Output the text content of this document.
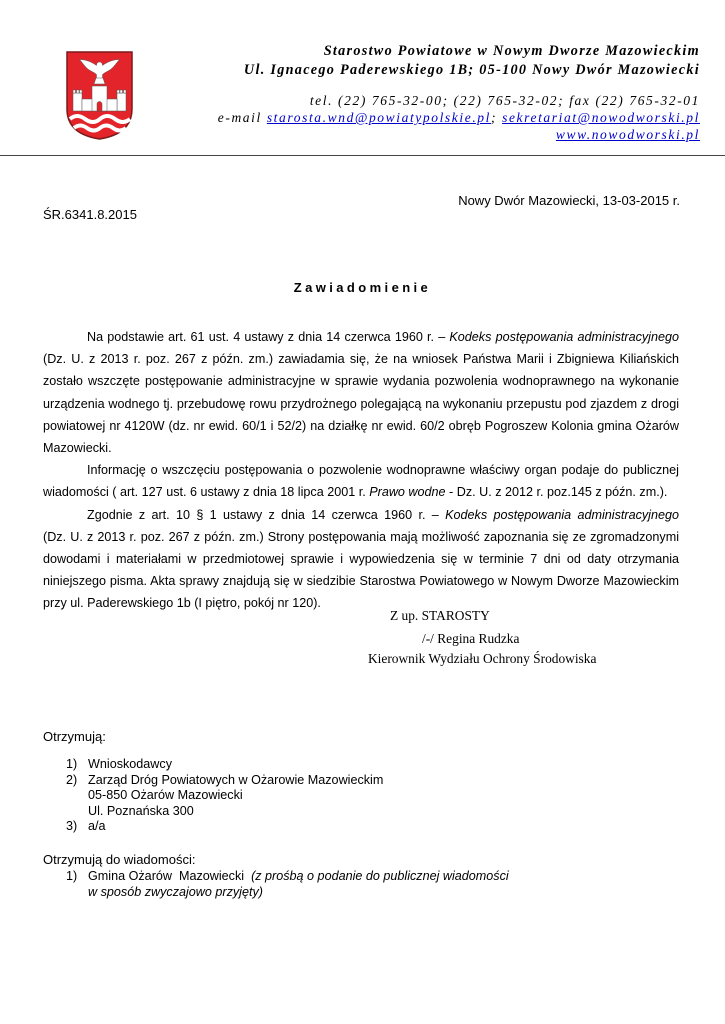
Starostwo Powiatowe w Nowym Dworze Mazowieckim
Ul. Ignacego Paderewskiego 1B; 05-100 Nowy Dwór Mazowiecki
tel. (22) 765-32-00; (22) 765-32-02; fax (22) 765-32-01
e-mail starosta.wnd@powiatypolskie.pl; sekretariat@nowodworski.pl
www.nowodworski.pl
Nowy Dwór Mazowiecki, 13-03-2015 r.
ŚR.6341.8.2015
Zawiadomienie

Na podstawie art. 61 ust. 4 ustawy z dnia 14 czerwca 1960 r. – Kodeks postępowania administracyjnego (Dz. U. z 2013 r. poz. 267 z późn. zm.) zawiadamia się, że na wniosek Państwa Marii i Zbigniewa Kiliańskich zostało wszczęte postępowanie administracyjne w sprawie wydania pozwolenia wodnoprawnego na wykonanie urządzenia wodnego tj. przebudowę rowu przydrożnego polegającą na wykonaniu przepustu pod zjazdem z drogi powiatowej nr 4120W (dz. nr ewid. 60/1 i 52/2) na działkę nr ewid. 60/2 obręb Pogroszew Kolonia gmina Ożarów Mazowiecki.

Informację o wszczęciu postępowania o pozwolenie wodnoprawne właściwy organ podaje do publicznej wiadomości ( art. 127 ust. 6 ustawy z dnia 18 lipca 2001 r. Prawo wodne - Dz. U. z 2012 r. poz.145 z późn. zm.).

Zgodnie z art. 10 § 1 ustawy z dnia 14 czerwca 1960 r. – Kodeks postępowania administracyjnego       (Dz. U. z 2013 r. poz. 267 z późn. zm.) Strony postępowania mają możliwość zapoznania się ze zgromadzonymi dowodami i materiałami w przedmiotowej sprawie i wypowiedzenia się w terminie 7 dni od daty otrzymania niniejszego pisma. Akta sprawy znajdują się w siedzibie Starostwa Powiatowego w Nowym Dworze Mazowieckim przy ul. Paderewskiego 1b (I piętro, pokój nr 120).

Z up. STAROSTY
/-/ Regina Rudzka
Kierownik Wydziału Ochrony Środowiska
Otrzymują:
1) Wnioskodawcy
2) Zarząd Dróg Powiatowych w Ożarowie Mazowieckim
05-850 Ożarów Mazowiecki
Ul. Poznańska 300
3) a/a
Otrzymują do wiadomości:
1) Gmina Ożarów  Mazowiecki (z prośbą o podanie do publicznej wiadomości
w sposób zwyczajowo przyjęty)
